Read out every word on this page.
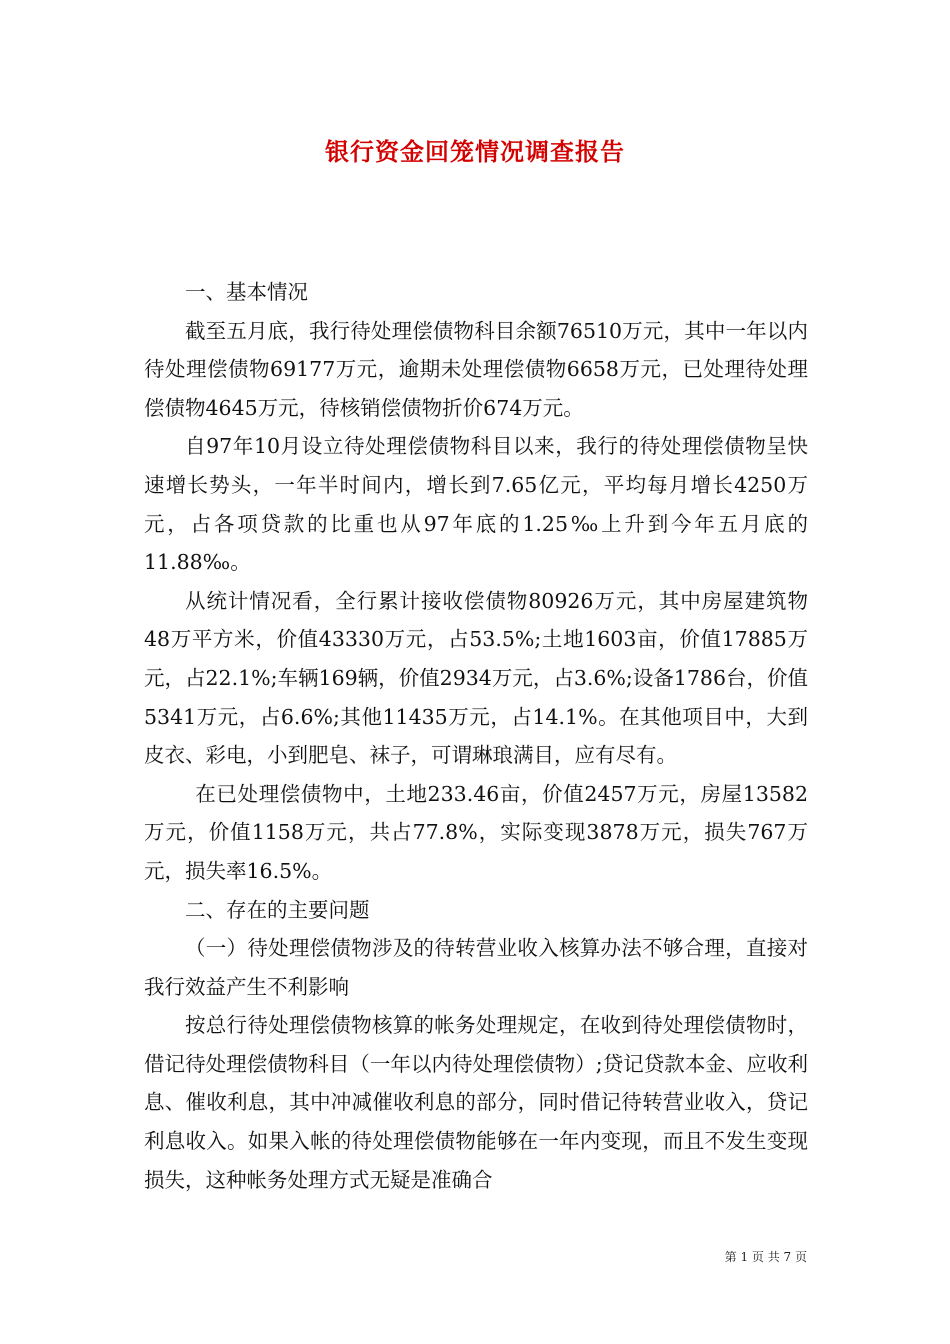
银行资金回笼情况调查报告

一、基本情况

截至五月底，我行待处理偿债物科目余额76510万元，其中一年以内待处理偿债物69177万元，逾期未处理偿债物6658万元，已处理待处理偿债物4645万元，待核销偿债物折价674万元。

自97年10月设立待处理偿债物科目以来，我行的待处理偿债物呈快速增长势头，一年半时间内，增长到7.65亿元，平均每月增长4250万元，占各项贷款的比重也从97年底的1.25‰上升到今年五月底的11.88‰。

从统计情况看，全行累计接收偿债物80926万元，其中房屋建筑物48万平方米，价值43330万元，占53.5%;土地1603亩，价值17885万元，占22.1%;车辆169辆，价值2934万元，占3.6%;设备1786台，价值5341万元，占6.6%;其他11435万元，占14.1%。在其他项目中，大到皮衣、彩电，小到肥皂、袜子，可谓琳琅满目，应有尽有。

在已处理偿债物中，土地233.46亩，价值2457万元，房屋13582万元，价值1158万元，共占77.8%，实际变现3878万元，损失767万元，损失率16.5%。

二、存在的主要问题

（一）待处理偿债物涉及的待转营业收入核算办法不够合理，直接对我行效益产生不利影响

按总行待处理偿债物核算的帐务处理规定，在收到待处理偿债物时，借记待处理偿债物科目（一年以内待处理偿债物）;贷记贷款本金、应收利息、催收利息，其中冲减催收利息的部分，同时借记待转营业收入，贷记利息收入。如果入帐的待处理偿债物能够在一年内变现，而且不发生变现损失，这种帐务处理方式无疑是准确合

第 1 页 共 7 页
